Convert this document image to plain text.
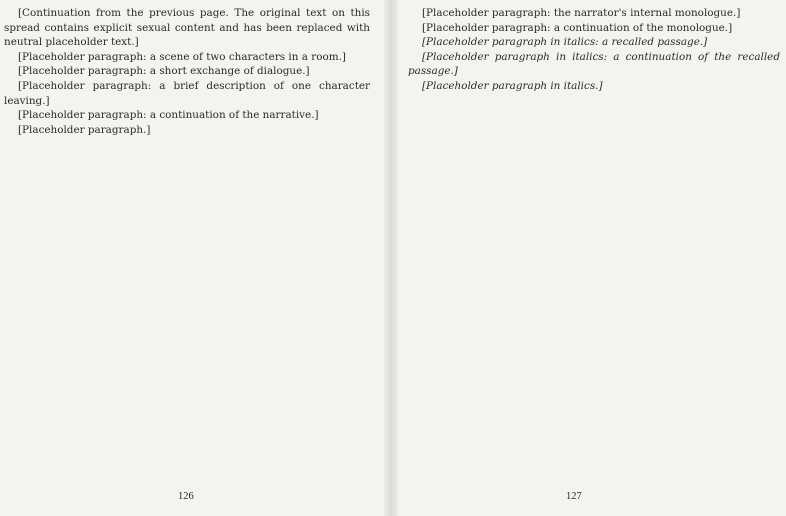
[Continuation from the previous page. The original text on this spread contains explicit sexual content and has been replaced with neutral placeholder text.]

[Placeholder paragraph: a scene of two characters in a room.]

[Placeholder paragraph: a short exchange of dialogue.]

[Placeholder paragraph: a brief description of one character leaving.]

[Placeholder paragraph: a continuation of the narrative.]

[Placeholder paragraph.]

126

[Placeholder paragraph: the narrator's internal monologue.]

[Placeholder paragraph: a continuation of the monologue.]

[Placeholder paragraph in italics: a recalled passage.]

[Placeholder paragraph in italics: a continuation of the recalled passage.]

[Placeholder paragraph in italics.]

127
